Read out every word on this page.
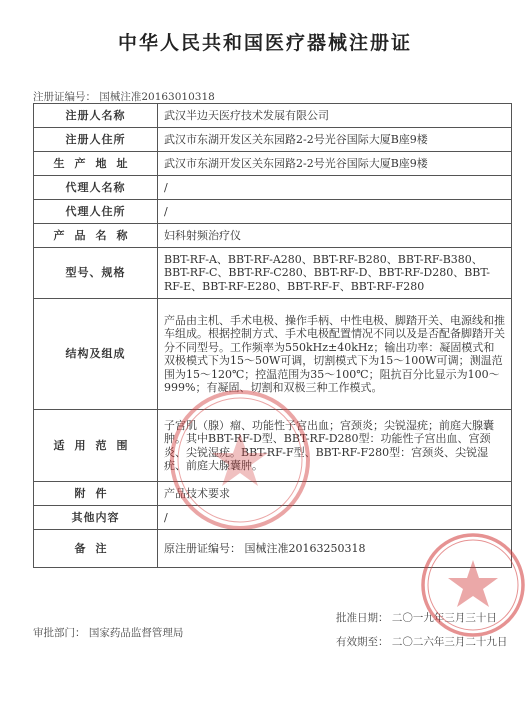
中华人民共和国医疗器械注册证
注册证编号： 国械注准20163010318
注册人名称	武汉半边天医疗技术发展有限公司
注册人住所	武汉市东湖开发区关东园路2-2号光谷国际大厦B座9楼
生产地址	武汉市东湖开发区关东园路2-2号光谷国际大厦B座9楼
代理人名称	/
代理人住所	/
产品名称	妇科射频治疗仪
型号、规格	BBT-RF-A、BBT-RF-A280、BBT-RF-B280、BBT-RF-B380、BBT-RF-C、BBT-RF-C280、BBT-RF-D、BBT-RF-D280、BBT-RF-E、BBT-RF-E280、BBT-RF-F、BBT-RF-F280
结构及组成	产品由主机、手术电极、操作手柄、中性电极、脚踏开关、电源线和推车组成。根据控制方式、手术电极配置情况不同以及是否配备脚踏开关分不同型号。工作频率为550kHz±40kHz；输出功率：凝固模式和双极模式下为15～50W可调，切割模式下为15～100W可调；测温范围为15～120℃；控温范围为35～100℃；阻抗百分比显示为100～999%；有凝固、切割和双极三种工作模式。
适用范围	子宫肌（腺）瘤、功能性子宫出血；宫颈炎；尖锐湿疣；前庭大腺囊肿。其中BBT-RF-D型、BBT-RF-D280型：功能性子宫出血、宫颈炎、尖锐湿疣。BBT-RF-F型、BBT-RF-F280型：宫颈炎、尖锐湿疣、前庭大腺囊肿。
附件	产品技术要求
其他内容	/
备注	原注册证编号： 国械注准20163250318
批准日期： 二〇一九年三月三十日
有效期至： 二〇二六年三月二十九日
审批部门： 国家药品监督管理局
